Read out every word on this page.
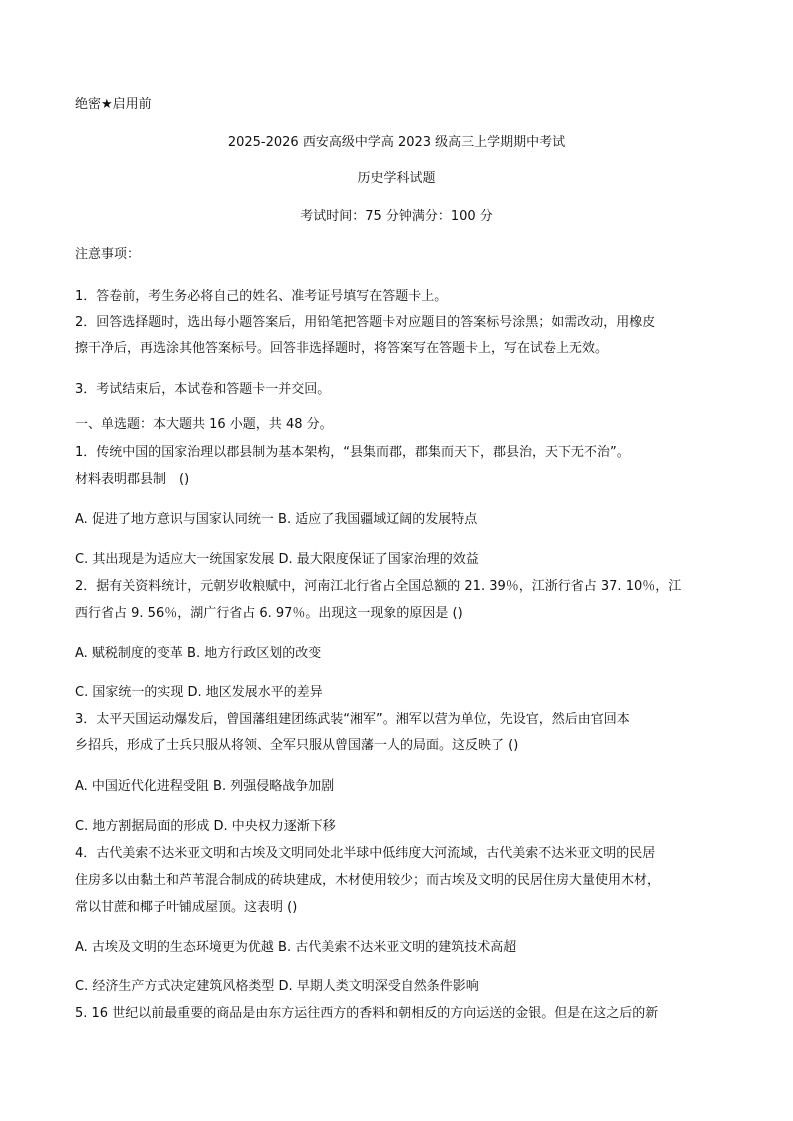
绝密★启用前
2025-2026 西安高级中学高 2023 级高三上学期期中考试
历史学科试题
考试时间：75 分钟满分：100 分
注意事项：
1．答卷前，考生务必将自己的姓名、准考证号填写在答题卡上。
2．回答选择题时，选出每小题答案后，用铅笔把答题卡对应题目的答案标号涂黑；如需改动，用橡皮
擦干净后，再选涂其他答案标号。回答非选择题时，将答案写在答题卡上，写在试卷上无效。
3．考试结束后，本试卷和答题卡一并交回。
一、单选题：本大题共 16 小题，共 48 分。
1．传统中国的国家治理以郡县制为基本架构，“县集而郡，郡集而天下，郡县治，天下无不治”。
材料表明郡县制　()
A. 促进了地方意识与国家认同统一 B. 适应了我国疆域辽阔的发展特点
C. 其出现是为适应大一统国家发展 D. 最大限度保证了国家治理的效益
2．据有关资料统计，元朝岁收粮赋中，河南江北行省占全国总额的 21. 39％，江浙行省占 37. 10％，江
西行省占 9. 56％，湖广行省占 6. 97％。出现这一现象的原因是 ()
A. 赋税制度的变革 B. 地方行政区划的改变
C. 国家统一的实现 D. 地区发展水平的差异
3．太平天国运动爆发后，曾国藩组建团练武装“湘军”。湘军以营为单位，先设官，然后由官回本
乡招兵，形成了士兵只服从将领、全军只服从曾国藩一人的局面。这反映了 ()
A. 中国近代化进程受阻 B. 列强侵略战争加剧
C. 地方割据局面的形成 D. 中央权力逐渐下移
4．古代美索不达米亚文明和古埃及文明同处北半球中低纬度大河流域，古代美索不达米亚文明的民居
住房多以由黏土和芦苇混合制成的砖块建成，木材使用较少；而古埃及文明的民居住房大量使用木材，
常以甘蔗和椰子叶铺成屋顶。这表明 ()
A. 古埃及文明的生态环境更为优越 B. 古代美索不达米亚文明的建筑技术高超
C. 经济生产方式决定建筑风格类型 D. 早期人类文明深受自然条件影响
5. 16 世纪以前最重要的商品是由东方运往西方的香料和朝相反的方向运送的金银。但是在这之后的新
